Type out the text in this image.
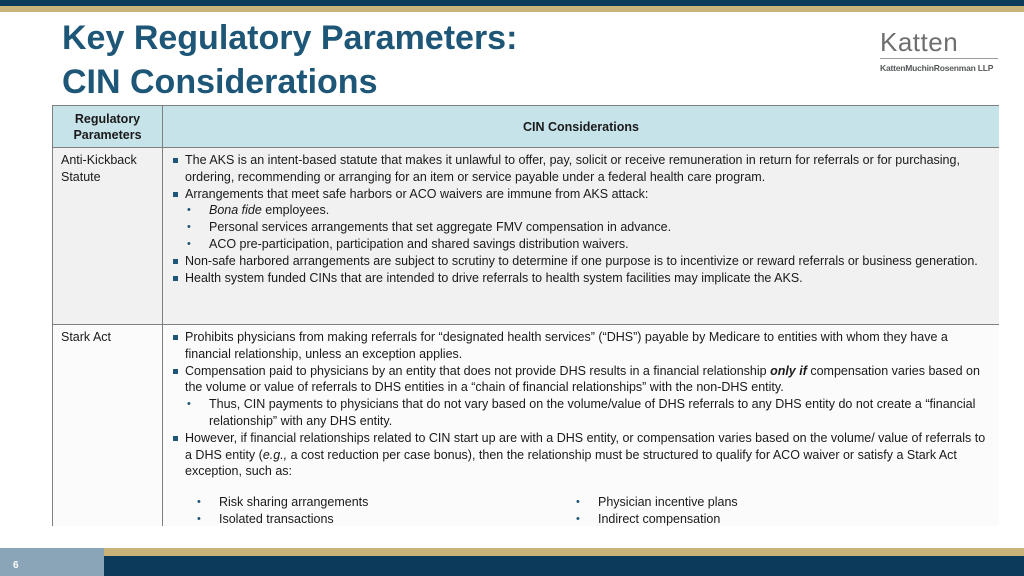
Key Regulatory Parameters:
CIN Considerations
Katten
KattenMuchinRosenman LLP
Regulatory
Parameters
CIN Considerations
Anti-Kickback
Statute
The AKS is an intent-based statute that makes it unlawful to offer, pay, solicit or receive remuneration in return for referrals or for purchasing, ordering, recommending or arranging for an item or service payable under a federal health care program.
Arrangements that meet safe harbors or ACO waivers are immune from AKS attack:
• Bona fide employees.
• Personal services arrangements that set aggregate FMV compensation in advance.
• ACO pre-participation, participation and shared savings distribution waivers.
Non-safe harbored arrangements are subject to scrutiny to determine if one purpose is to incentivize or reward referrals or business generation.
Health system funded CINs that are intended to drive referrals to health system facilities may implicate the AKS.
Stark Act	Prohibits physicians from making referrals for “designated health services” (“DHS”) payable by Medicare to entities with whom they have a financial relationship, unless an exception applies.
Compensation paid to physicians by an entity that does not provide DHS results in a financial relationship only if compensation varies based on the volume or value of referrals to DHS entities in a “chain of financial relationships” with the non-DHS entity.
• Thus, CIN payments to physicians that do not vary based on the volume/value of DHS referrals to any DHS entity do not create a “financial relationship” with any DHS entity.
However, if financial relationships related to CIN start up are with a DHS entity, or compensation varies based on the volume/ value of referrals to a DHS entity (e.g., a cost reduction per case bonus), then the relationship must be structured to qualify for ACO waiver or satisfy a Stark Act exception, such as:
• Risk sharing arrangements
• Isolated transactions
• Physician incentive plans
• Indirect compensation
6
